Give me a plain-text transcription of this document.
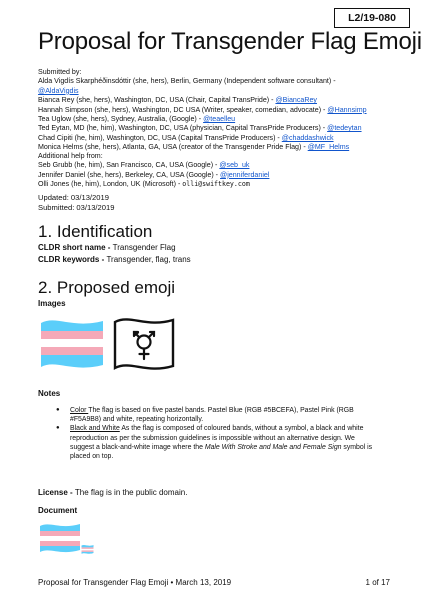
L2/19-080
Proposal for Transgender Flag Emoji
Submitted by:
Alda Vigdís Skarphéðinsdóttir (she, hers), Berlin, Germany (Independent software consultant) -
@AldaVigdis
Bianca Rey (she, hers), Washington, DC, USA (Chair, Capital TransPride) - @BiancaRey
Hannah Simpson (she, hers), Washington, DC USA (Writer, speaker, comedian, advocate) - @Hannsimp
Tea Uglow (she, hers), Sydney, Australia, (Google) - @teaelleu
Ted Eytan, MD (he, him), Washington, DC, USA (physician, Capital TransPride Producers) - @tedeytan
Chad Cipiti (he, him), Washington, DC, USA (Capital TransPride Producers) - @chaddashwick
Monica Helms (she, hers), Atlanta, GA, USA (creator of the Transgender Pride Flag) - @MF_Helms
Additional help from:
Seb Grubb (he, him), San Francisco, CA, USA (Google) - @seb_uk
Jennifer Daniel (she, hers), Berkeley, CA, USA (Google) - @jenniferdaniel
Olli Jones (he, him), London, UK (Microsoft) - olli@swiftkey.com
Updated: 03/13/2019
Submitted: 03/13/2019
1. Identification
CLDR short name - Transgender Flag
CLDR keywords - Transgender, flag, trans
2. Proposed emoji
Images
Notes
● Color The flag is based on five pastel bands. Pastel Blue (RGB #5BCEFA), Pastel Pink (RGB
#F5A9B8) and white, repeating horizontally.
● Black and White As the flag is composed of coloured bands, without a symbol, a black and white
reproduction as per the submission guidelines is impossible without an alternative design. We
suggest a black-and-white image where the Male With Stroke and Male and Female Sign symbol is
placed on top.
License - The flag is in the public domain.
Document
Proposal for Transgender Flag Emoji • March 13, 2019	1 of 17
